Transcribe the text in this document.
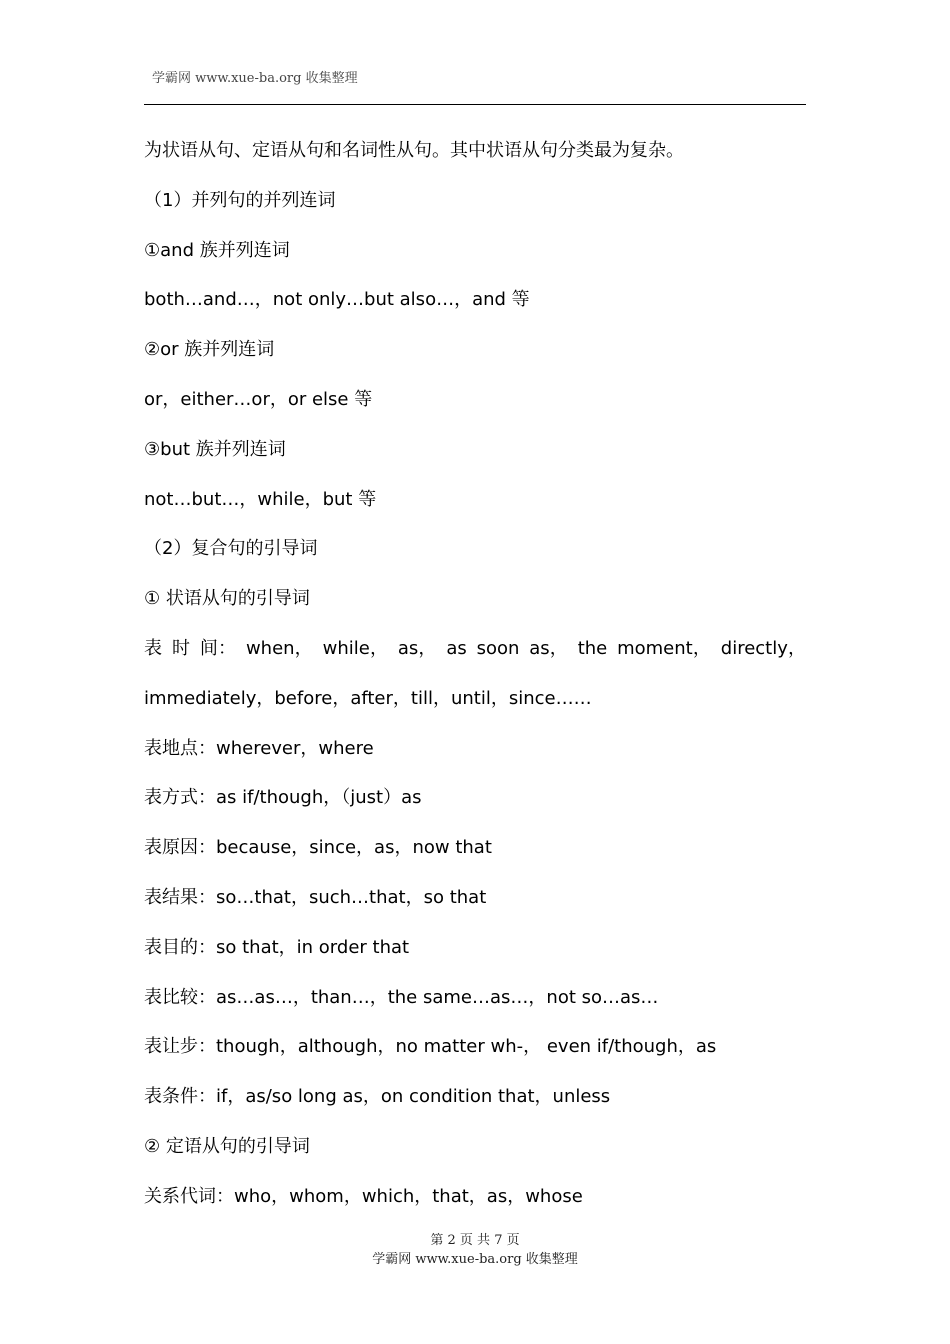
学霸网 www.xue-ba.org 收集整理
为状语从句、定语从句和名词性从句。其中状语从句分类最为复杂。
（1）并列句的并列连词
①and 族并列连词
both…and…，not only…but also…，and 等
②or 族并列连词
or，either…or，or else 等
③but 族并列连词
not…but…，while，but 等
（2）复合句的引导词
① 状语从句的引导词
表 时 间： when， while， as， as soon as， the moment， directly，
immediately，before，after，till，until，since……
表地点：wherever，where
表方式：as if/though，（just）as
表原因：because，since，as，now that
表结果：so…that，such…that，so that
表目的：so that，in order that
表比较：as…as…，than…，the same…as…，not so…as…
表让步：though，although，no matter wh-， even if/though，as
表条件：if，as/so long as，on condition that，unless
② 定语从句的引导词
关系代词：who，whom，which，that，as，whose
第 2 页 共 7 页
学霸网 www.xue-ba.org 收集整理
